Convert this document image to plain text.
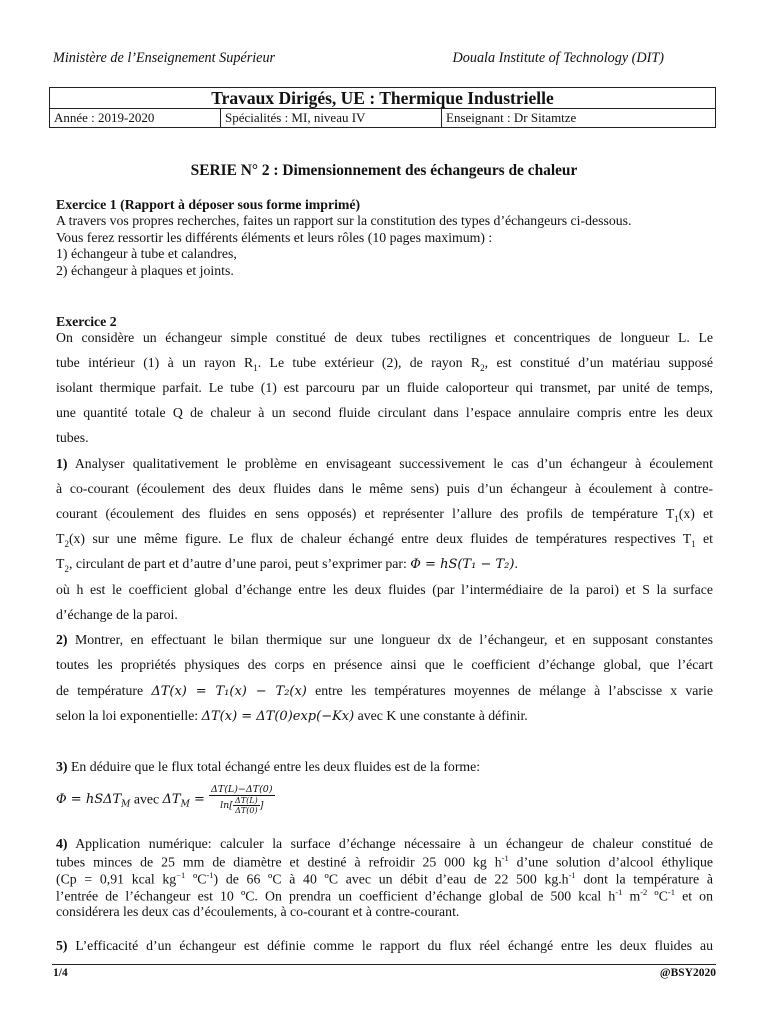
Ministère de l’Enseignement Supérieur	Douala Institute of Technology (DIT)
Travaux Dirigés, UE : Thermique Industrielle
Année : 2019-2020	Spécialités : MI, niveau IV	Enseignant : Dr Sitamtze
SERIE N° 2 : Dimensionnement des échangeurs de chaleur
Exercice 1 (Rapport à déposer sous forme imprimé)
A travers vos propres recherches, faites un rapport sur la constitution des types d’échangeurs ci-dessous.
Vous ferez ressortir les différents éléments et leurs rôles (10 pages maximum) :
1) échangeur à tube et calandres,
2) échangeur à plaques et joints.
Exercice 2
On considère un échangeur simple constitué de deux tubes rectilignes et concentriques de longueur L. Le
tube intérieur (1) à un rayon $R_1$. Le tube extérieur (2), de rayon $R_2$, est constitué d’un matériau supposé
isolant thermique parfait. Le tube (1) est parcouru par un fluide caloporteur qui transmet, par unité de temps,
une quantité totale Q de chaleur à un second fluide circulant dans l’espace annulaire compris entre les deux
tubes.
1) Analyser qualitativement le problème en envisageant successivement le cas d’un échangeur à écoulement
à co-courant (écoulement des deux fluides dans le même sens) puis d’un échangeur à écoulement à contre-
courant (écoulement des fluides en sens opposés) et représenter l’allure des profils de température $T_1(x)$ et
$T_2(x)$ sur une même figure. Le flux de chaleur échangé entre deux fluides de températures respectives $T_1$ et
$T_2$, circulant de part et d’autre d’une paroi, peut s’exprimer par: Φ = hS(T₁ − T₂).
où h est le coefficient global d’échange entre les deux fluides (par l’intermédiaire de la paroi) et S la surface
d’échange de la paroi.
2) Montrer, en effectuant le bilan thermique sur une longueur dx de l’échangeur, et en supposant constantes
toutes les propriétés physiques des corps en présence ainsi que le coefficient d’échange global, que l’écart
de température ΔT(x) = T₁(x) − T₂(x) entre les températures moyennes de mélange à l’abscisse x varie
selon la loi exponentielle: ΔT(x) = ΔT(0)exp(−Kx) avec K une constante à définir.
3) En déduire que le flux total échangé entre les deux fluides est de la forme:
Φ = hSΔT$_M$ avec $\Delta T_M = \frac{\Delta T(L)-\Delta T(0)}{\ln[ \frac{\Delta T(L)}{\Delta T(0)} ]}$
4) Application numérique: calculer la surface d’échange nécessaire à un échangeur de chaleur constitué de
tubes minces de 25 mm de diamètre et destiné à refroidir 25 000 kg $h^{-1}$ d’une solution d’alcool éthylique
(Cp = 0,91 kcal $kg^{-1}$ ºC$^{-1}$) de 66 ºC à 40 ºC avec un débit d’eau de 22 500 $kg.h^{-1}$ dont la température à
l’entrée de l’échangeur est 10 ºC. On prendra un coefficient d’échange global de 500 kcal $h^{-1}$ $m^{-2}$ ºC$^{-1}$ et on
considérera les deux cas d’écoulements, à co-courant et à contre-courant.
5) L’efficacité d’un échangeur est définie comme le rapport du flux réel échangé entre les deux fluides au
1/4	@BSY2020
